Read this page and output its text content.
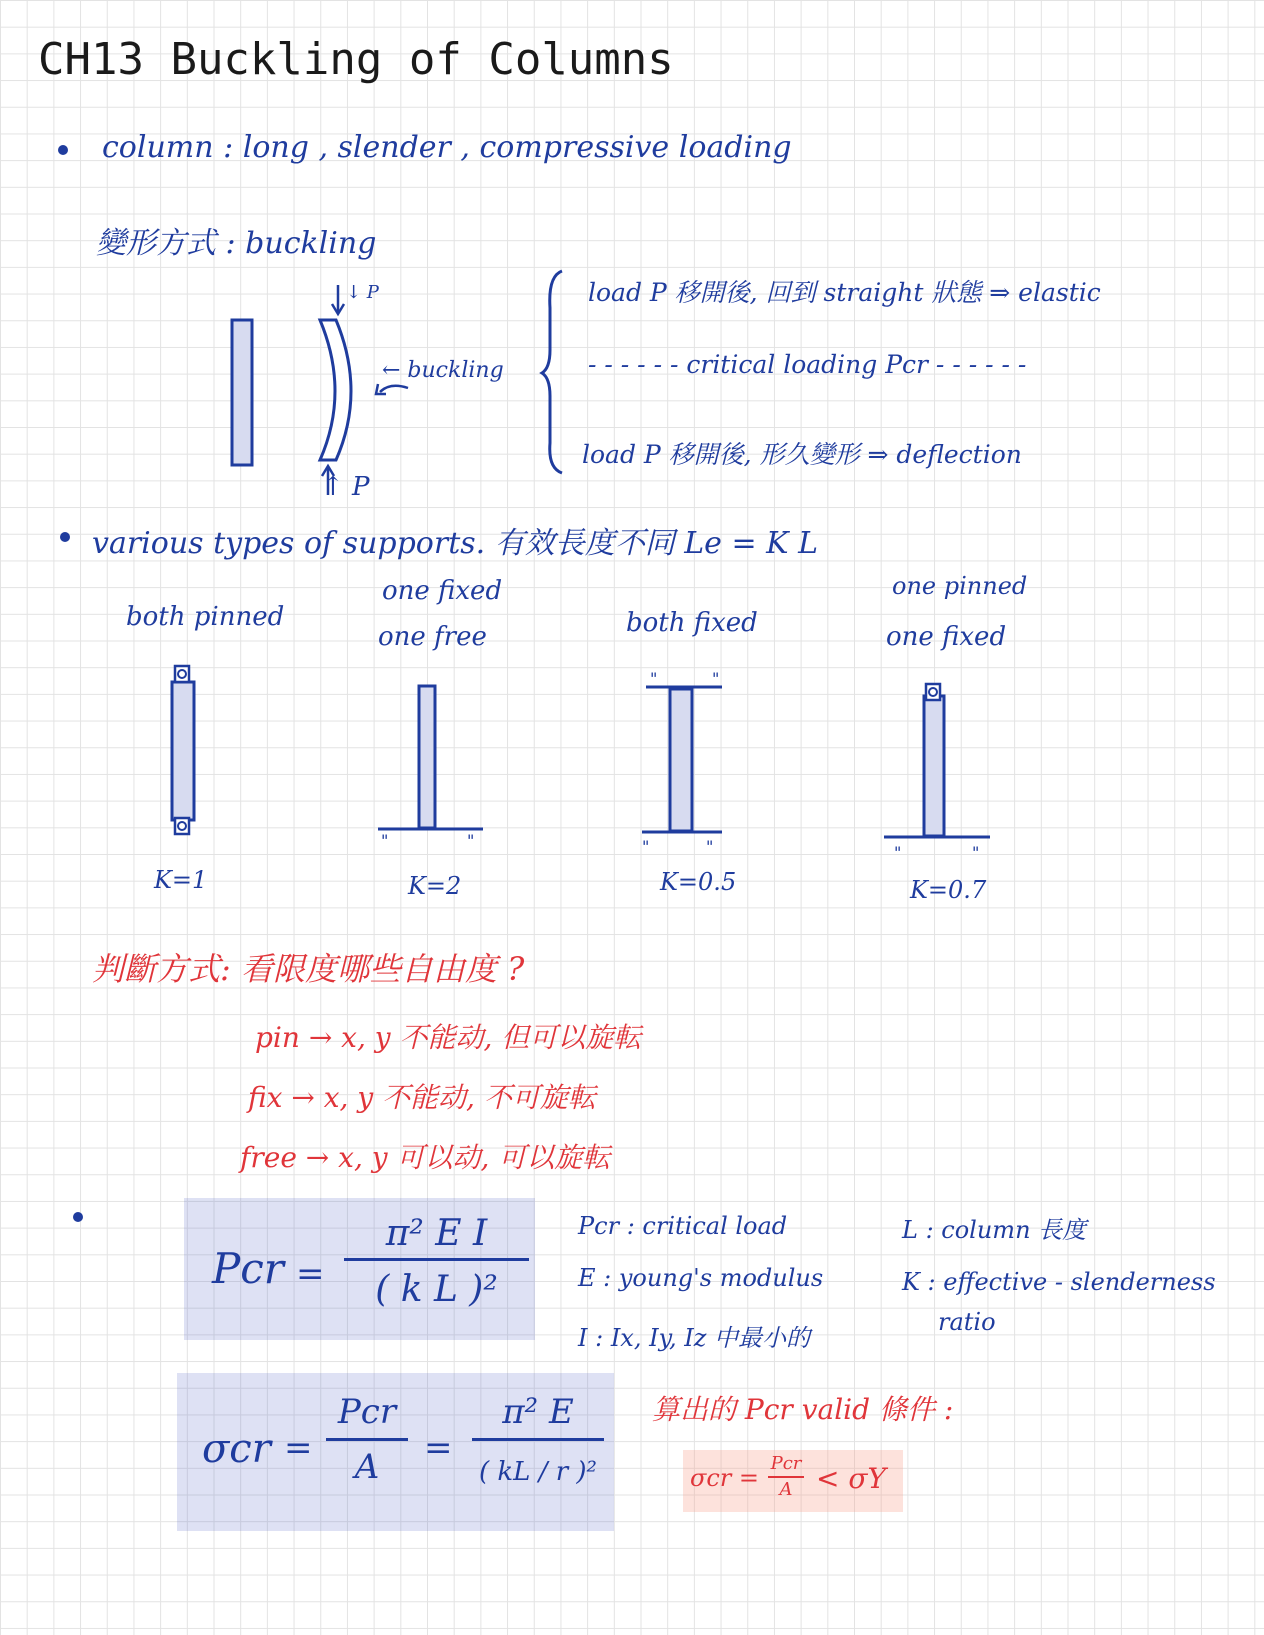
CH13 Buckling of Columns
column : long , slender , compressive loading
變形方式 : buckling
↓ P
↑ P
← buckling
load P 移開後, 回到 straight 狀態 ⇒ elastic
- - - - - - critical loading Pcr - - - - - -
load P 移開後, 形久變形 ⇒ deflection
various types of supports. 有效長度不同 Le = K L
both pinned
one fixed
one free	both fixed
one pinned
one fixed
"	"
"	"
"	"	"	"
K=1	K=2	K=0.5	K=0.7
判斷方式: 看限度哪些自由度 ?
pin → x, y 不能动, 但可以旋転
fix → x, y 不能动, 不可旋転
free → x, y 可以动, 可以旋転
Pcr =
π² E I
( k L )²
Pcr : critical load
E : young's modulus
I : Ix, Iy, Iz 中最小的
L : column 長度
K : effective - slenderness
ratio
σcr =
Pcr
A =
π² E
( kL / r )²
算出的 Pcr valid 條件 :
σcr =
Pcr
A < σY
